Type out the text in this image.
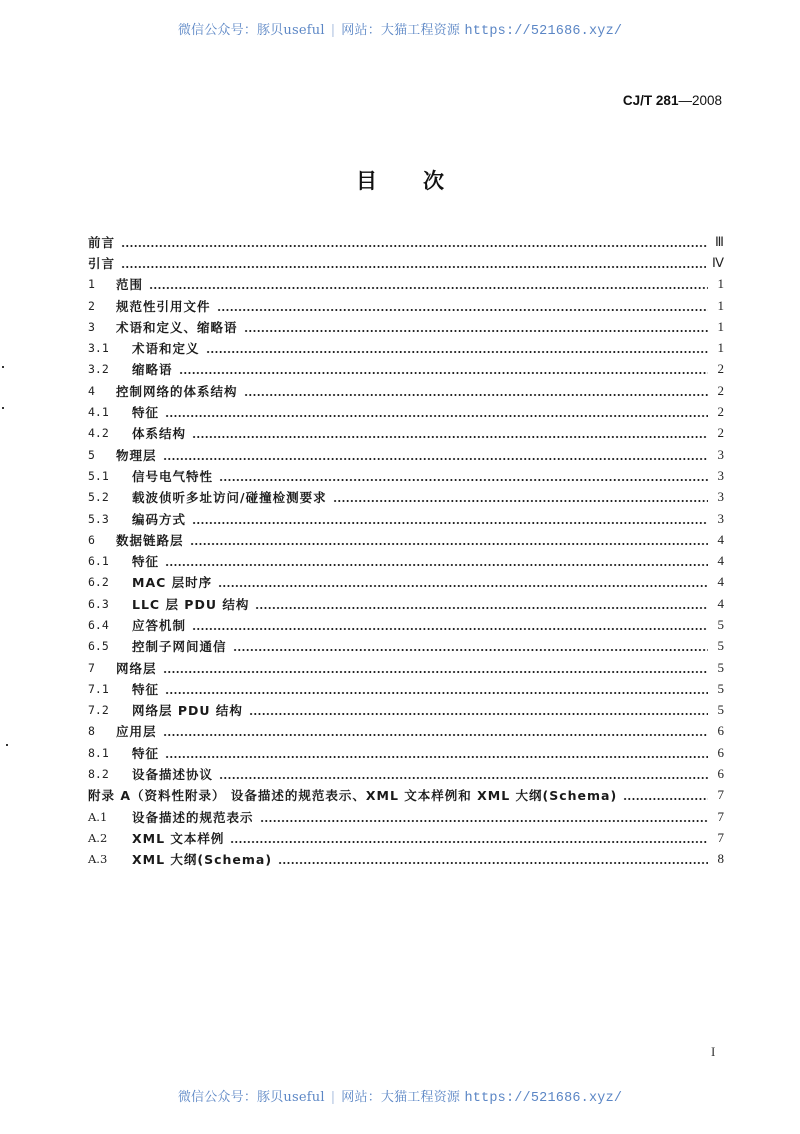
微信公众号：豚贝useful | 网站：大猫工程资源 https://521686.xyz/
CJ/T 281—2008
目次
前言	Ⅲ
引言	Ⅳ
1	范围	1
2	规范性引用文件	1
3	术语和定义、缩略语	1
3.1	术语和定义	1
3.2	缩略语	2
4	控制网络的体系结构	2
4.1	特征	2
4.2	体系结构	2
5	物理层	3
5.1	信号电气特性	3
5.2	载波侦听多址访问/碰撞检测要求	3
5.3	编码方式	3
6	数据链路层	4
6.1	特征	4
6.2	MAC 层时序	4
6.3	LLC 层 PDU 结构	4
6.4	应答机制	5
6.5	控制子网间通信	5
7	网络层	5
7.1	特征	5
7.2	网络层 PDU 结构	5
8	应用层	6
8.1	特征	6
8.2	设备描述协议	6
附录 A（资料性附录） 设备描述的规范表示、XML 文本样例和 XML 大纲(Schema)	7
A.1	设备描述的规范表示	7
A.2	XML 文本样例	7
A.3	XML 大纲(Schema)	8
I
微信公众号：豚贝useful | 网站：大猫工程资源 https://521686.xyz/
